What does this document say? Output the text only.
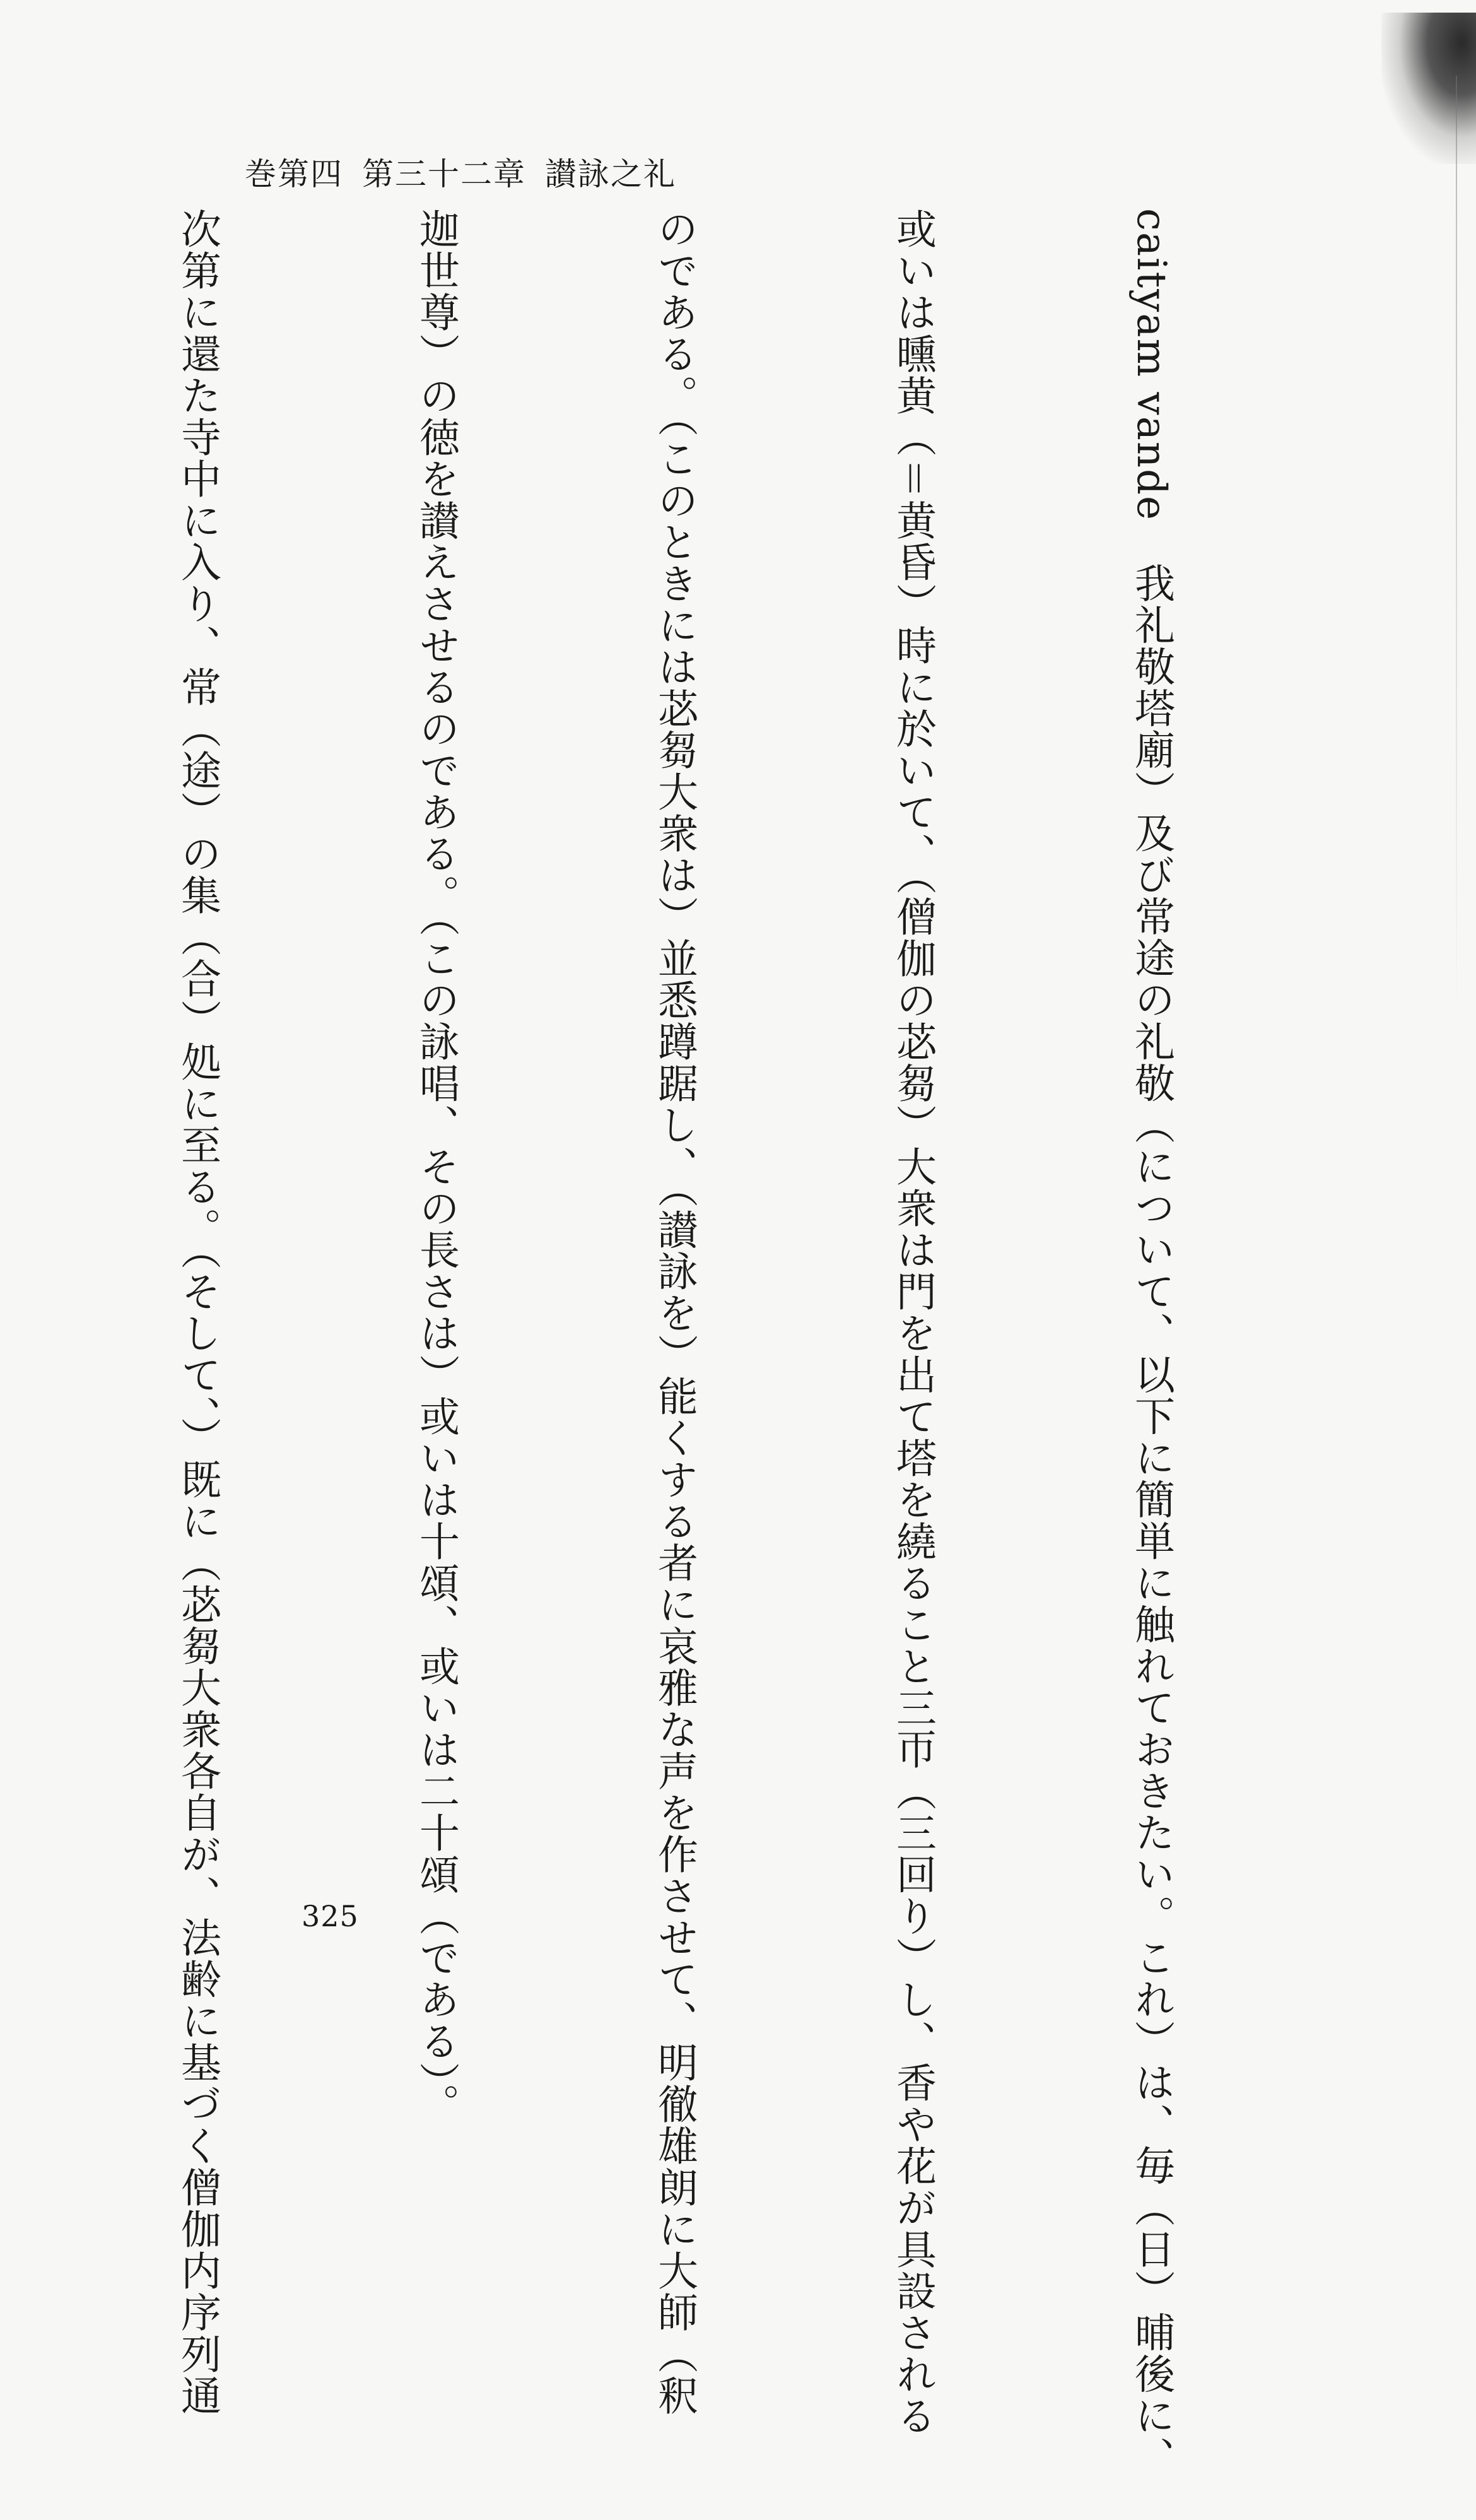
巻第四 第三十二章 讃詠之礼

caityam vande　我礼敬塔廟）及び常途の礼敬（について、以下に簡単に触れておきたい。これ）は、毎（日）晡後に、

或いは曛黄（＝黄昏）時に於いて、（僧伽の苾芻）大衆は門を出て塔を繞ること三帀（三回り）し、香や花が具設される

のである。（このときには苾芻大衆は）並悉蹲踞し、（讃詠を）能くする者に哀雅な声を作させて、明徹雄朗に大師（釈

迦世尊）の徳を讃えさせるのである。（この詠唱、その長さは）或いは十頌、或いは二十頌（である）。

次第に還た寺中に入り、常（途）の集（合）処に至る。（そして、）既に（苾芻大衆各自が、法齢に基づく僧伽内序列通

	325
